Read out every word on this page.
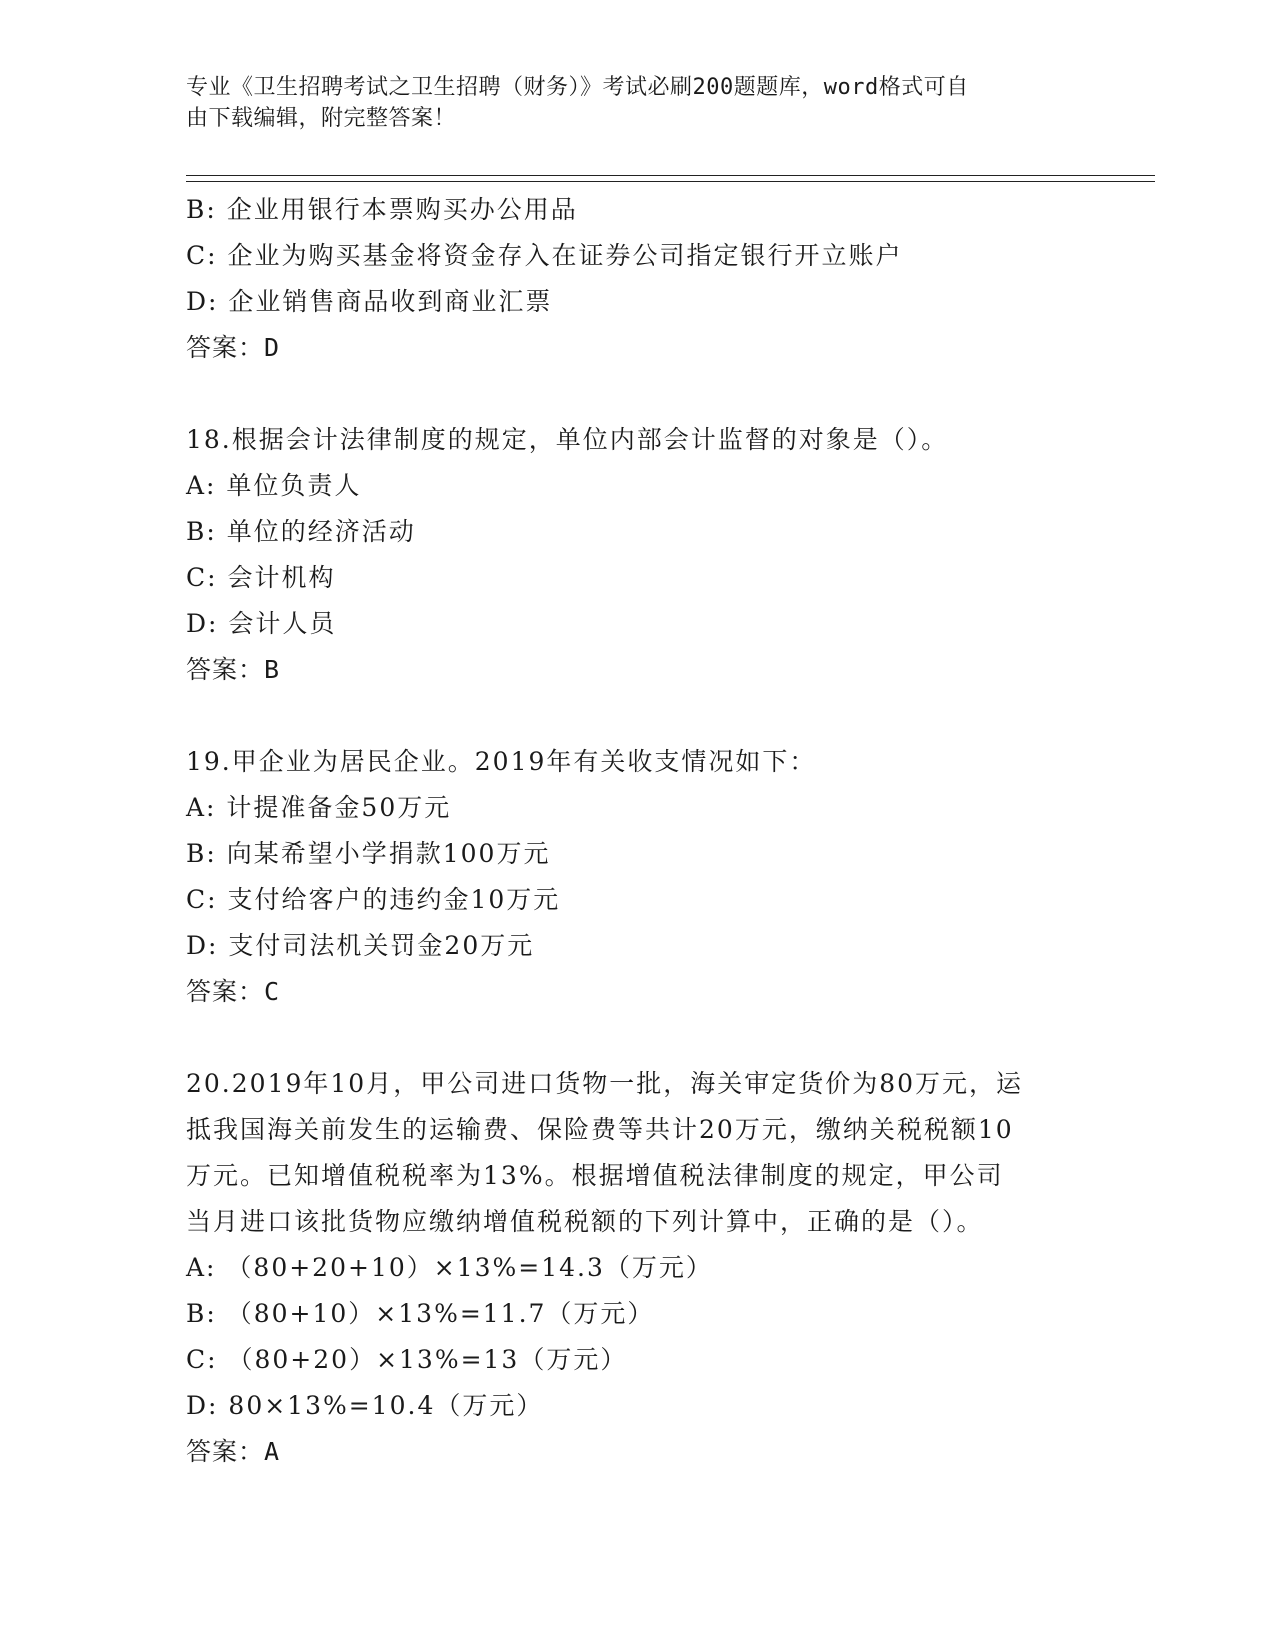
专业《卫生招聘考试之卫生招聘（财务）》考试必刷200题题库，word格式可自
由下载编辑，附完整答案！
B: 企业用银行本票购买办公用品
C: 企业为购买基金将资金存入在证券公司指定银行开立账户
D: 企业销售商品收到商业汇票
答案：D
18.根据会计法律制度的规定，单位内部会计监督的对象是（）。
A: 单位负责人
B: 单位的经济活动
C: 会计机构
D: 会计人员
答案：B
19.甲企业为居民企业。2019年有关收支情况如下：
A: 计提准备金50万元
B: 向某希望小学捐款100万元
C: 支付给客户的违约金10万元
D: 支付司法机关罚金20万元
答案：C
20.2019年10月，甲公司进口货物一批，海关审定货价为80万元，运
抵我国海关前发生的运输费、保险费等共计20万元，缴纳关税税额10
万元。已知增值税税率为13%。根据增值税法律制度的规定，甲公司
当月进口该批货物应缴纳增值税税额的下列计算中，正确的是（）。
A: （80+20+10）×13%=14.3（万元）
B: （80+10）×13%=11.7（万元）
C: （80+20）×13%=13（万元）
D: 80×13%=10.4（万元）
答案：A
